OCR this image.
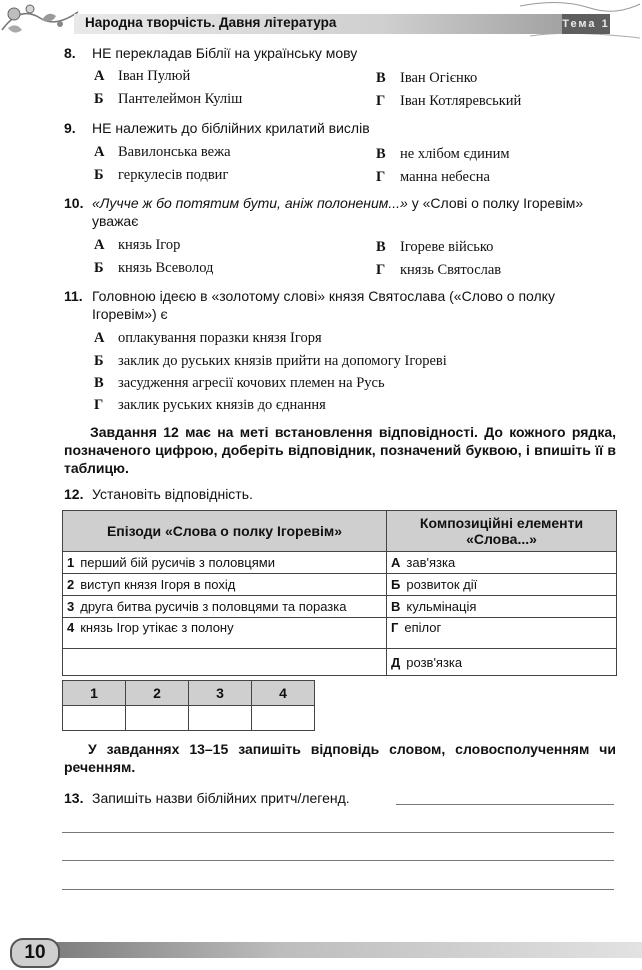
Народна творчість. Давня література	Тема 1
8. НЕ перекладав Біблії на українську мову
А Іван Пулюй
Б Пантелеймон Куліш
В Іван Огієнко
Г Іван Котляревський
9. НЕ належить до біблійних крилатий вислів
А Вавилонська вежа
Б геркулесів подвиг
В не хлібом єдиним
Г манна небесна
10. «Лучче ж бо потятим бути, аніж полоненим...» у «Слові о полку Ігоревім» уважає
А князь Ігор
Б князь Всеволод
В Ігореве військо
Г князь Святослав
11. Головною ідеєю в «золотому слові» князя Святослава («Слово о полку Ігоревім») є
А оплакування поразки князя Ігоря
Б заклик до руських князів прийти на допомогу Ігореві
В засудження агресії кочових племен на Русь
Г заклик руських князів до єднання
Завдання 12 має на меті встановлення відповідності. До кожного рядка, позначеного цифрою, доберіть відповідник, позначений буквою, і впишіть її в таблицю.
12. Установіть відповідність.
Епізоди «Слова о полку Ігоревім»	Композиційні елементи «Слова...»
1 перший бій русичів з половцями	А зав'язка
2 виступ князя Ігоря в похід	Б розвиток дії
3 друга битва русичів з половцями та поразка	В кульмінація
4 князь Ігор утікає з полону	Г епілог
	Д розв'язка
1	2	3	4

У завданнях 13–15 запишіть відповідь словом, словосполученням чи реченням.
13. Запишіть назви біблійних притч/легенд.
10
